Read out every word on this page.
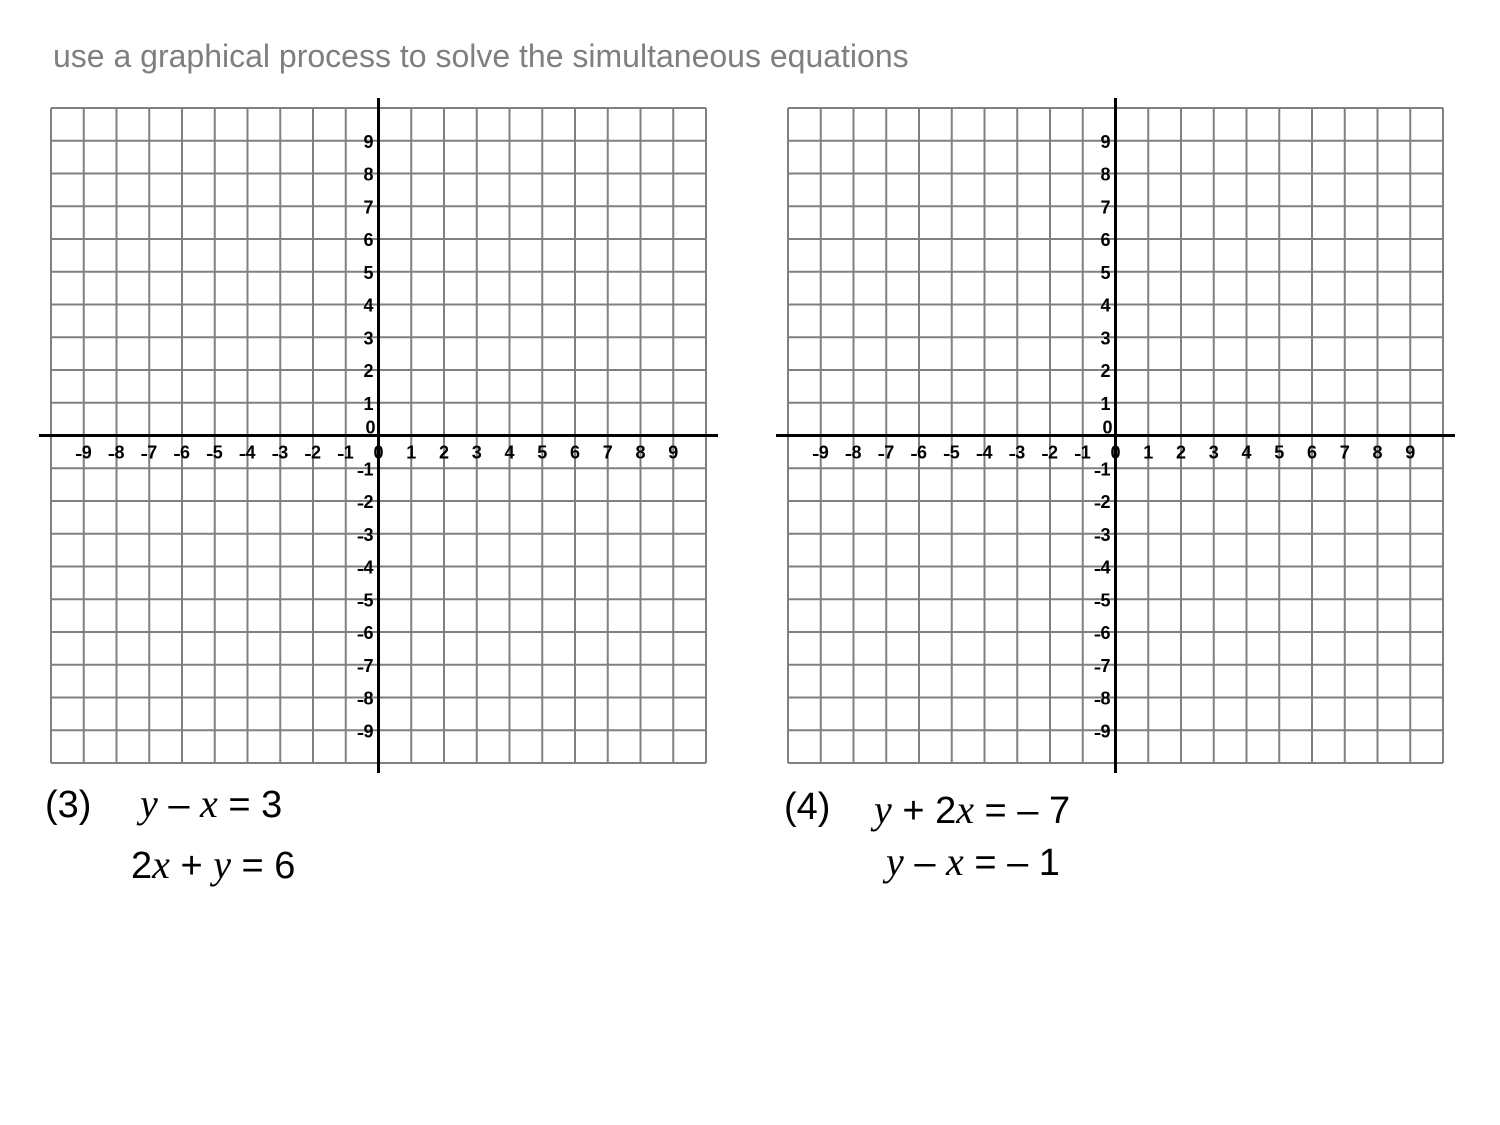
use a graphical process to solve the simultaneous equations
˗9 ˗8 ˗7 ˗6 ˗5 ˗4 ˗3 ˗2 ˗1 0 1 2 3 4 5 6 7 8 9
9
8
7
6
5
4
3
2
1
0
˗1
˗2
˗3
˗4
˗5
˗6
˗7
˗8
˗9
˗9 ˗8 ˗7 ˗6 ˗5 ˗4 ˗3 ˗2 ˗1 0 1 2 3 4 5 6 7 8 9
9
8
7
6
5
4
3
2
1
0
˗1
˗2
˗3
˗4
˗5
˗6
˗7
˗8
˗9
(3) y – x = 3
2x + y = 6
(4) y + 2x = – 7
y – x = – 1
